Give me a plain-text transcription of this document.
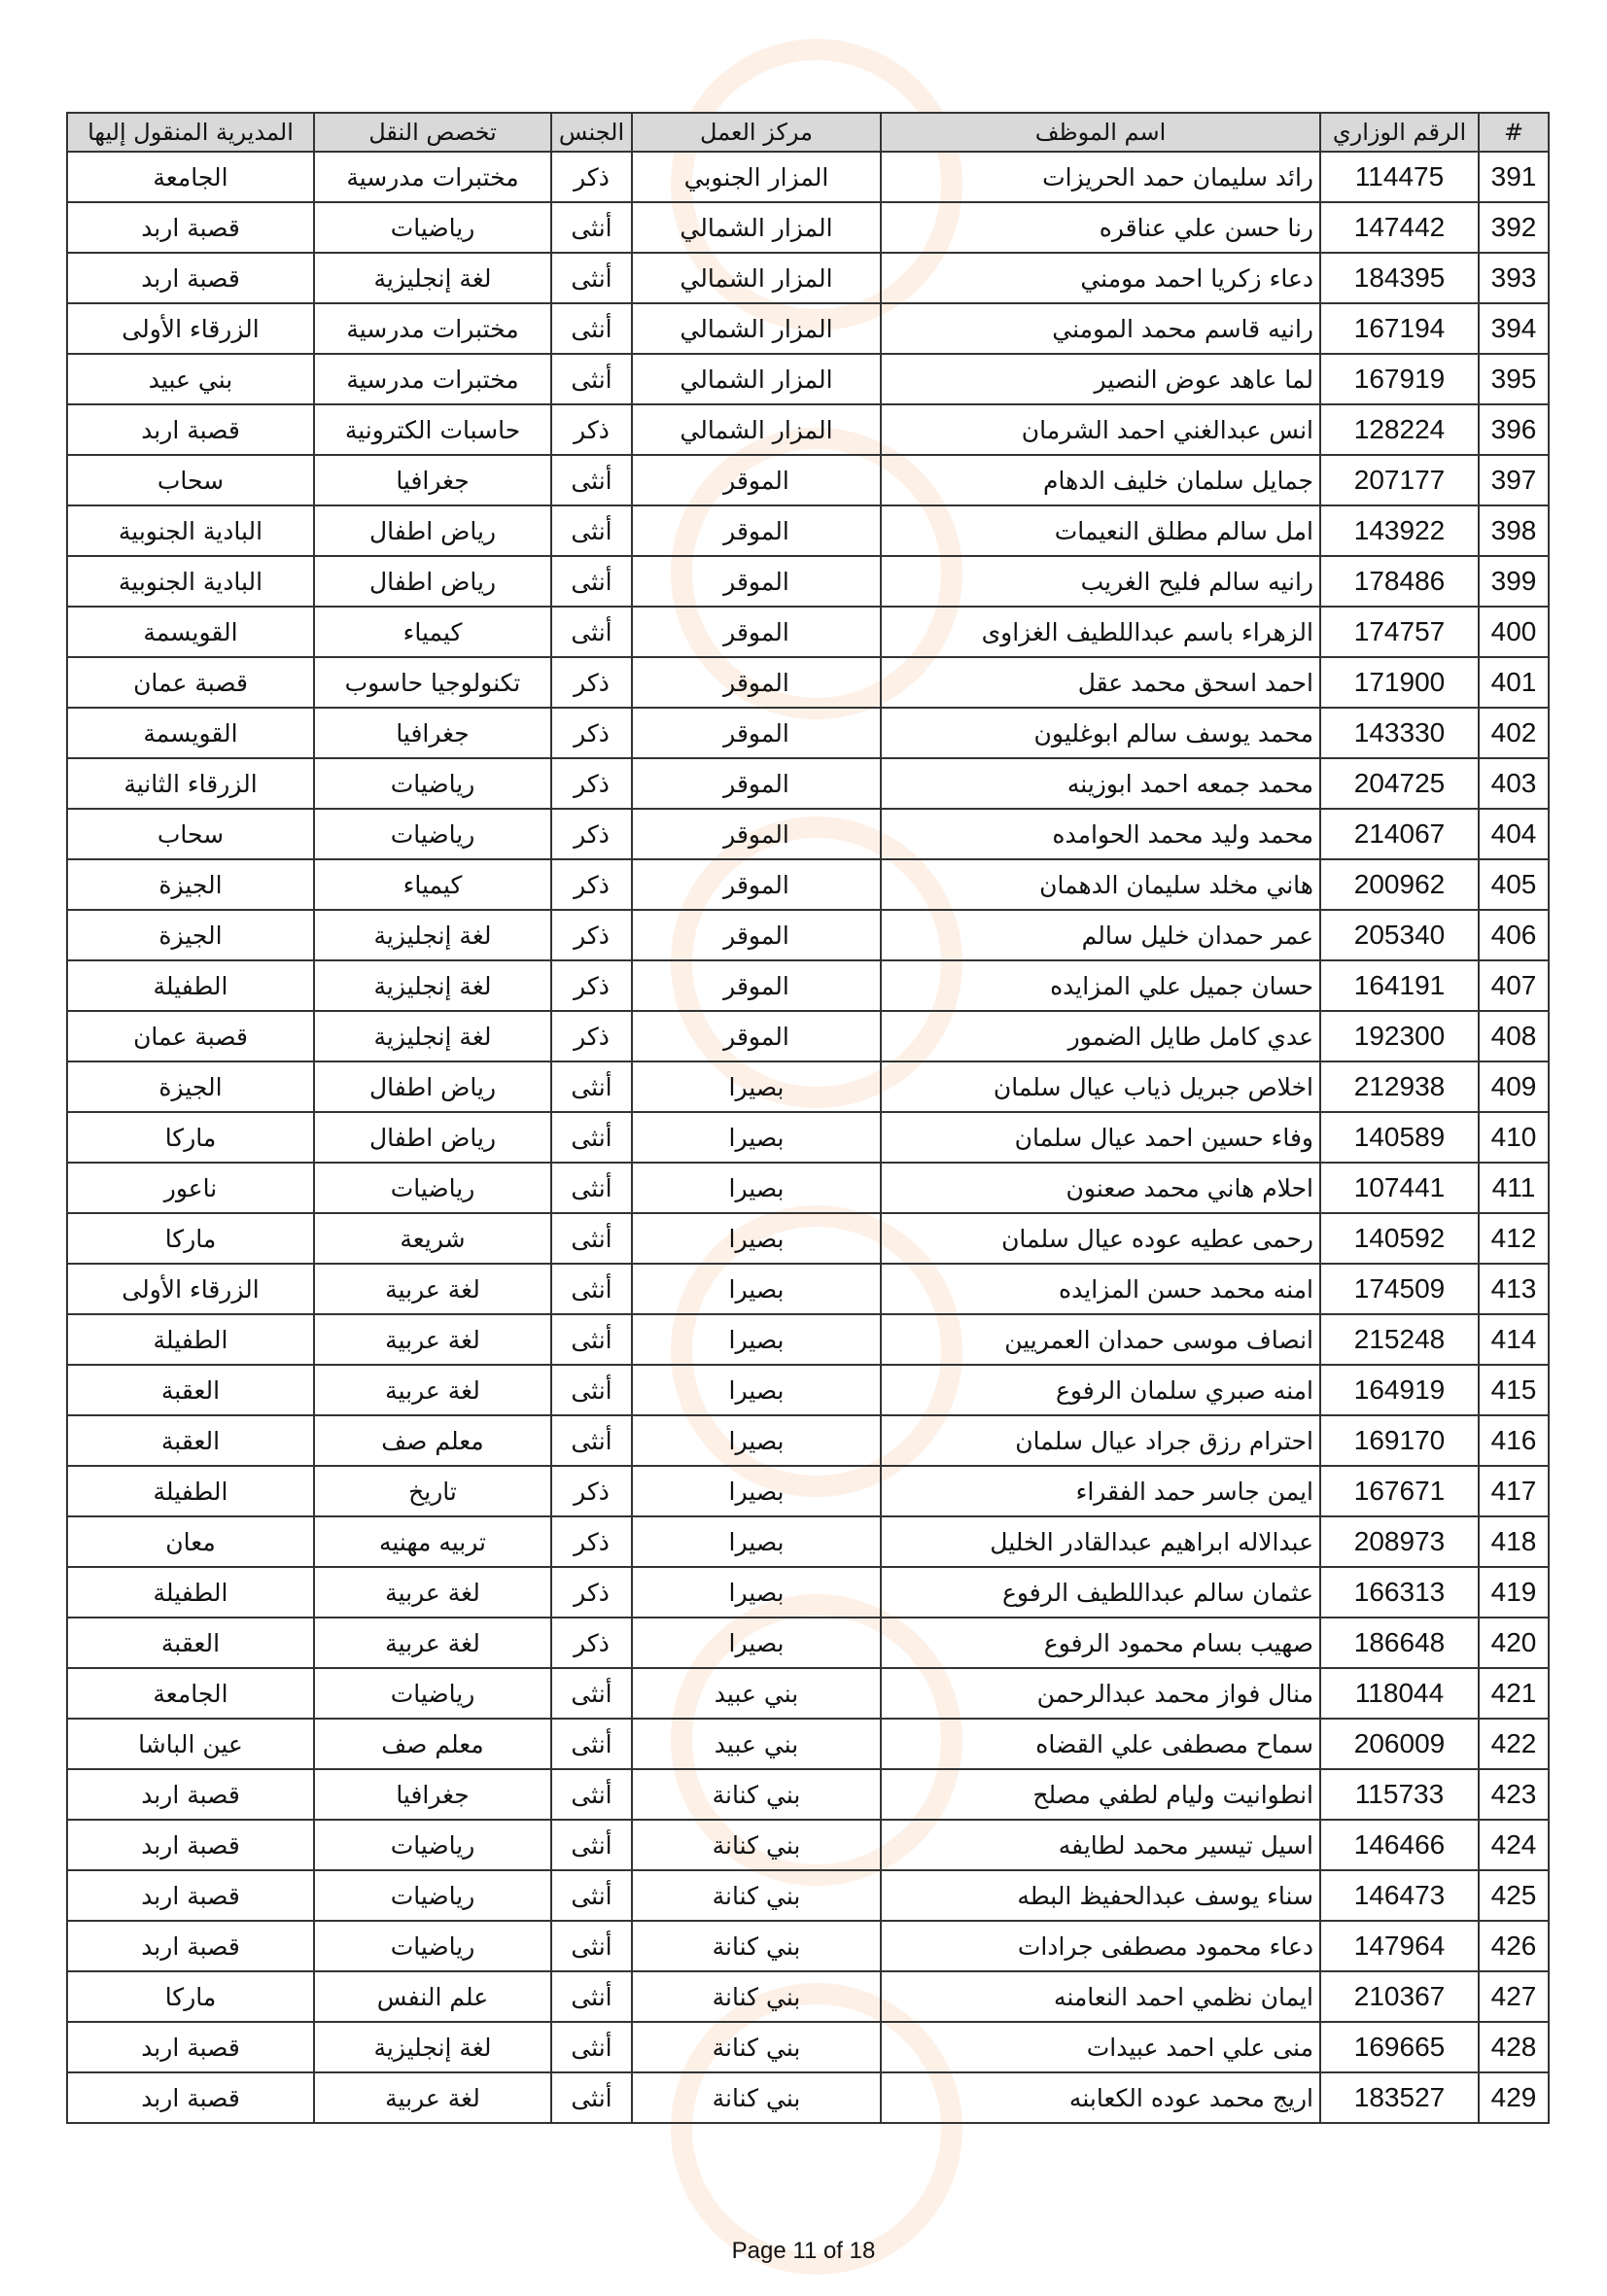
#	الرقم الوزاري	اسم الموظف	مركز العمل	الجنس	تخصص النقل	المديرية المنقول إليها
391	114475	رائد سليمان حمد الحريزات	المزار الجنوبي	ذكر	مختبرات مدرسية	الجامعة
392	147442	رنا حسن علي عناقره	المزار الشمالي	أنثى	رياضيات	قصبة اربد
393	184395	دعاء زكريا احمد مومني	المزار الشمالي	أنثى	لغة إنجليزية	قصبة اربد
394	167194	رانيه قاسم محمد المومني	المزار الشمالي	أنثى	مختبرات مدرسية	الزرقاء الأولى
395	167919	لما عاهد عوض النصير	المزار الشمالي	أنثى	مختبرات مدرسية	بني عبيد
396	128224	انس عبدالغني احمد الشرمان	المزار الشمالي	ذكر	حاسبات الكترونية	قصبة اربد
397	207177	جمايل سلمان خليف الدهام	الموقر	أنثى	جغرافيا	سحاب
398	143922	امل سالم مطلق النعيمات	الموقر	أنثى	رياض اطفال	البادية الجنوبية
399	178486	رانيه سالم فليح الغريب	الموقر	أنثى	رياض اطفال	البادية الجنوبية
400	174757	الزهراء باسم عبداللطيف الغزاوى	الموقر	أنثى	كيمياء	القويسمة
401	171900	احمد اسحق محمد عقل	الموقر	ذكر	تكنولوجيا حاسوب	قصبة عمان
402	143330	محمد يوسف سالم ابوغليون	الموقر	ذكر	جغرافيا	القويسمة
403	204725	محمد جمعه احمد ابوزينه	الموقر	ذكر	رياضيات	الزرقاء الثانية
404	214067	محمد وليد محمد الحوامده	الموقر	ذكر	رياضيات	سحاب
405	200962	هاني مخلد سليمان الدهمان	الموقر	ذكر	كيمياء	الجيزة
406	205340	عمر حمدان خليل سالم	الموقر	ذكر	لغة إنجليزية	الجيزة
407	164191	حسان جميل علي المزايده	الموقر	ذكر	لغة إنجليزية	الطفيلة
408	192300	عدي كامل طايل الضمور	الموقر	ذكر	لغة إنجليزية	قصبة عمان
409	212938	اخلاص جبريل ذياب عيال سلمان	بصيرا	أنثى	رياض اطفال	الجيزة
410	140589	وفاء حسين احمد عيال سلمان	بصيرا	أنثى	رياض اطفال	ماركا
411	107441	احلام هاني محمد صعنون	بصيرا	أنثى	رياضيات	ناعور
412	140592	رحمى عطيه عوده عيال سلمان	بصيرا	أنثى	شريعة	ماركا
413	174509	امنه محمد حسن المزايده	بصيرا	أنثى	لغة عربية	الزرقاء الأولى
414	215248	انصاف موسى حمدان العمريين	بصيرا	أنثى	لغة عربية	الطفيلة
415	164919	امنه صبري سلمان الرفوع	بصيرا	أنثى	لغة عربية	العقبة
416	169170	احترام رزق جراد عيال سلمان	بصيرا	أنثى	معلم صف	العقبة
417	167671	ايمن جاسر حمد الفقراء	بصيرا	ذكر	تاريخ	الطفيلة
418	208973	عبدالاله ابراهيم عبدالقادر الخليل	بصيرا	ذكر	تربيه مهنيه	معان
419	166313	عثمان سالم عبداللطيف الرفوع	بصيرا	ذكر	لغة عربية	الطفيلة
420	186648	صهيب بسام محمود الرفوع	بصيرا	ذكر	لغة عربية	العقبة
421	118044	منال فواز محمد عبدالرحمن	بني عبيد	أنثى	رياضيات	الجامعة
422	206009	سماح مصطفى علي القضاه	بني عبيد	أنثى	معلم صف	عين الباشا
423	115733	انطوانيت وليام لطفي مصلح	بني كنانة	أنثى	جغرافيا	قصبة اربد
424	146466	اسيل تيسير محمد لطايفه	بني كنانة	أنثى	رياضيات	قصبة اربد
425	146473	سناء يوسف عبدالحفيظ البطه	بني كنانة	أنثى	رياضيات	قصبة اربد
426	147964	دعاء محمود مصطفى جرادات	بني كنانة	أنثى	رياضيات	قصبة اربد
427	210367	ايمان نظمي احمد النعامنه	بني كنانة	أنثى	علم النفس	ماركا
428	169665	منى علي احمد عبيدات	بني كنانة	أنثى	لغة إنجليزية	قصبة اربد
429	183527	اريج محمد عوده الكعابنه	بني كنانة	أنثى	لغة عربية	قصبة اربد
Page 11 of 18
